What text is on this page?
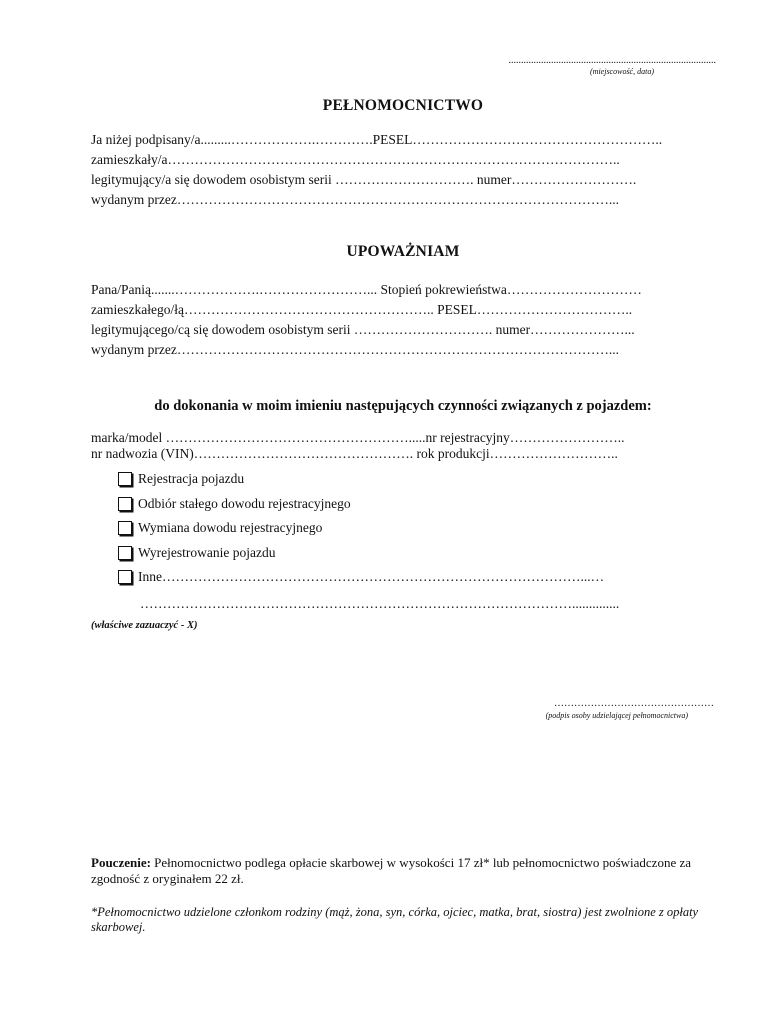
...................................................................................
(miejscowość, data)
PEŁNOMOCNICTWO
Ja niżej podpisany/a.........……………….………….PESEL………………………………………………..
zamieszkały/a………………………………………………………………………………………..
legitymujący/a się dowodem osobistym serii …………………………. numer……………………….
wydanym przez……………………………………………………………………………………...
UPOWAŻNIAM
Pana/Panią.......……………….……………………... Stopień pokrewieństwa…………………………
zamieszkałego/łą……………………………………………….. PESEL……………………………..
legitymującego/cą się dowodem osobistym serii …………………………. numer…………………...
wydanym przez……………………………………………………………………………………...
do dokonania w moim imieniu następujących czynności związanych z pojazdem:
marka/model ……………………………………………….....nr rejestracyjny……………………..
nr nadwozia (VIN)…………………………………………. rok produkcji………………………..
Rejestracja pojazdu
Odbiór stałego dowodu rejestracyjnego
Wymiana dowodu rejestracyjnego
Wyrejestrowanie pojazdu
Inne…………………………………………………………………………………...…
……………………………………………………………………………………..............
(właściwe zazuaczyć - X)
…………………………………………
(podpis osoby udzielającej pełnomocnictwa)
Pouczenie: Pełnomocnictwo podlega opłacie skarbowej w wysokości 17 zł* lub pełnomocnictwo poświadczone za zgodność z oryginałem 22 zł.
*Pełnomocnictwo udzielone członkom rodziny (mąż, żona, syn, córka, ojciec, matka, brat, siostra) jest zwolnione z opłaty skarbowej.
